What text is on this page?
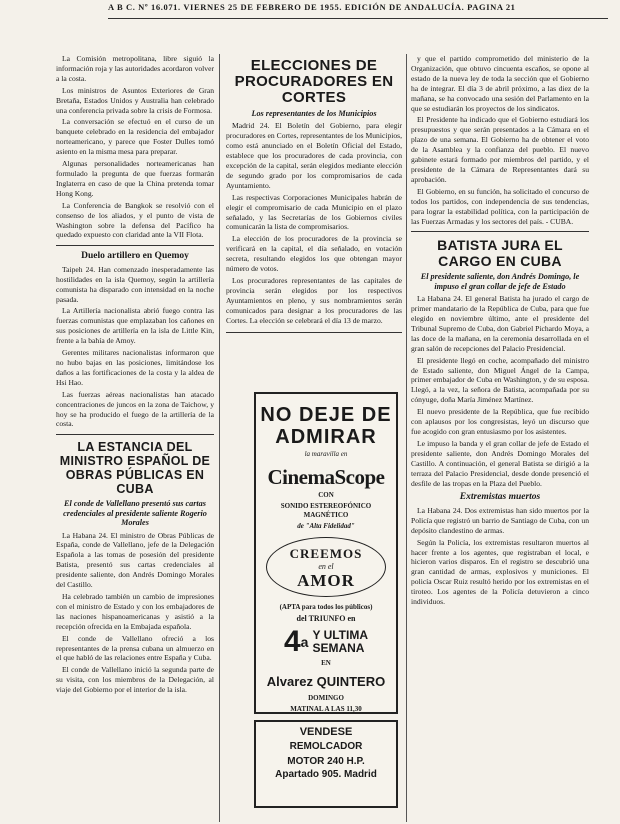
A B C. Nº 16.071. VIERNES 25 DE FEBRERO DE 1955. EDICIÓN DE ANDALUCÍA. PAGINA 21

La Comisión metropolitana, libre siguió la información roja y las autoridades acordaron volver a la costa.

Los ministros de Asuntos Exteriores de Gran Bretaña, Estados Unidos y Australia han celebrado una conferencia privada sobre la crisis de Formosa.

La conversación se efectuó en el curso de un banquete celebrado en la residencia del embajador norteamericano, y parece que Foster Dulles tomó asiento en la misma mesa para preparar.

Algunas personalidades norteamericanas han formulado la pregunta de que fuerzas formarán Inglaterra en caso de que la China pretenda tomar Hong Kong.

La Conferencia de Bangkok se resolvió con el consenso de los aliados, y el punto de vista de Washington sobre la defensa del Pacífico ha quedado expuesto con claridad ante la VII Flota.

Duelo artillero en Quemoy

Taipeh 24. Han comenzado inesperadamente las hostilidades en la isla Quemoy, según la artillería comunista ha disparado con intensidad en la noche pasada.

La Artillería nacionalista abrió fuego contra las fuerzas comunistas que emplazaban los cañones en sus posiciones de artillería en la isla de Little Kin, frente a la bahía de Amoy.

Gerentes militares nacionalistas informaron que no hubo bajas en las posiciones, limitándose los daños a las fortificaciones de la costa y la aldea de Hsi Hao.

Las fuerzas aéreas nacionalistas han atacado concentraciones de juncos en la zona de Taichow, y hoy se ha producido el fuego de la artillería de la costa.

LA ESTANCIA DEL MINISTRO ESPAÑOL DE OBRAS PÚBLICAS EN CUBA
El conde de Vallellano presentó sus cartas credenciales al presidente saliente Rogerio Morales

La Habana 24. El ministro de Obras Públicas de España, conde de Vallellano, jefe de la Delegación Española a las tomas de posesión del presidente Batista, presentó sus cartas credenciales al presidente saliente, don Andrés Domingo Morales del Castillo.

Ha celebrado también un cambio de impresiones con el ministro de Estado y con los embajadores de las naciones hispanoamericanas y asistió a la recepción ofrecida en la Embajada española.

El conde de Vallellano ofreció a los representantes de la prensa cubana un almuerzo en el que habló de las relaciones entre España y Cuba.

El conde de Vallellano inició la segunda parte de su visita, con los miembros de la Delegación, al viaje del Gobierno por el interior de la isla.

ELECCIONES DE PROCURADORES EN CORTES
Los representantes de los Municipios

Madrid 24. El Boletín del Gobierno, para elegir procuradores en Cortes, representantes de los Municipios, como está anunciado en el Boletín Oficial del Estado, establece que los procuradores de cada provincia, con excepción de la capital, serán elegidos mediante elección de segundo grado por los compromisarios de cada Ayuntamiento.

Las respectivas Corporaciones Municipales habrán de elegir el compromisario de cada Municipio en el plazo señalado, y las Secretarías de los Gobiernos civiles comunicarán la lista de compromisarios.

La elección de los procuradores de la provincia se verificará en la capital, el día señalado, en votación secreta, resultando elegidos los que obtengan mayor número de votos.

Los procuradores representantes de las capitales de provincia serán elegidos por los respectivos Ayuntamientos en pleno, y sus nombramientos serán comunicados para designar a los procuradores de las Cortes. La elección se celebrará el día 13 de marzo.

NO DEJE DE
ADMIRAR
la maravilla en
CinemaScope
CON
SONIDO ESTEREOFÓNICO MAGNÉTICO
de "Alta Fidelidad"
CREEMOS
en el
AMOR
(APTA para todos los públicos)
del TRIUNFO en
4 a Y ULTIMA
SEMANA
EN
Alvarez QUINTERO
DOMINGO
MATINAL A LAS 11,30
VENDESE
REMOLCADOR
MOTOR 240 H.P.
Apartado 905. Madrid

y que el partido comprometido del ministerio de la Organización, que obtuvo cincuenta escaños, se opone al estado de la nueva ley de toda la sección que el Gobierno ha de integrar. El día 3 de abril próximo, a las diez de la mañana, se ha convocado una sesión del Parlamento en la que se estudiarán los proyectos de los sindicatos.

El Presidente ha indicado que el Gobierno estudiará los presupuestos y que serán presentados a la Cámara en el plazo de una semana. El Gobierno ha de obtener el voto de la Asamblea y la confianza del pueblo. El nuevo gabinete estará formado por miembros del partido, y el presidente de la Cámara de Representantes dará su aprobación.

El Gobierno, en su función, ha solicitado el concurso de todos los partidos, con independencia de sus tendencias, para lograr la estabilidad política, con la participación de las Fuerzas Armadas y los sectores del país. - CUBA.

BATISTA JURA EL CARGO EN CUBA
El presidente saliente, don Andrés Domingo, le impuso el gran collar de jefe de Estado

La Habana 24. El general Batista ha jurado el cargo de primer mandatario de la República de Cuba, para que fue elegido en noviembre último, ante el presidente del Tribunal Supremo de Cuba, don Gabriel Pichardo Moya, a las doce de la mañana, en la ceremonia desarrollada en el gran salón de recepciones del Palacio Presidencial.

El presidente llegó en coche, acompañado del ministro de Estado saliente, don Miguel Ángel de la Campa, primer embajador de Cuba en Washington, y de su esposa. Llegó, a la vez, la señora de Batista, acompañada por su cónyuge, doña María Jiménez Martínez.

El nuevo presidente de la República, que fue recibido con aplausos por los congresistas, leyó un discurso que fue acogido con gran entusiasmo por los asistentes.

Le impuso la banda y el gran collar de jefe de Estado el presidente saliente, don Andrés Domingo Morales del Castillo. A continuación, el general Batista se dirigió a la terraza del Palacio Presidencial, desde donde presenció el desfile de las tropas en la Plaza del Pueblo.

Extremistas muertos

La Habana 24. Dos extremistas han sido muertos por la Policía que registró un barrio de Santiago de Cuba, con un depósito clandestino de armas.

Según la Policía, los extremistas resultaron muertos al hacer frente a los agentes, que registraban el local, e hicieron varios disparos. En el registro se descubrió una gran cantidad de armas, explosivos y municiones. El policía Oscar Ruiz resultó herido por los extremistas en el tiroteo. Los agentes de la Policía detuvieron a cinco individuos.
